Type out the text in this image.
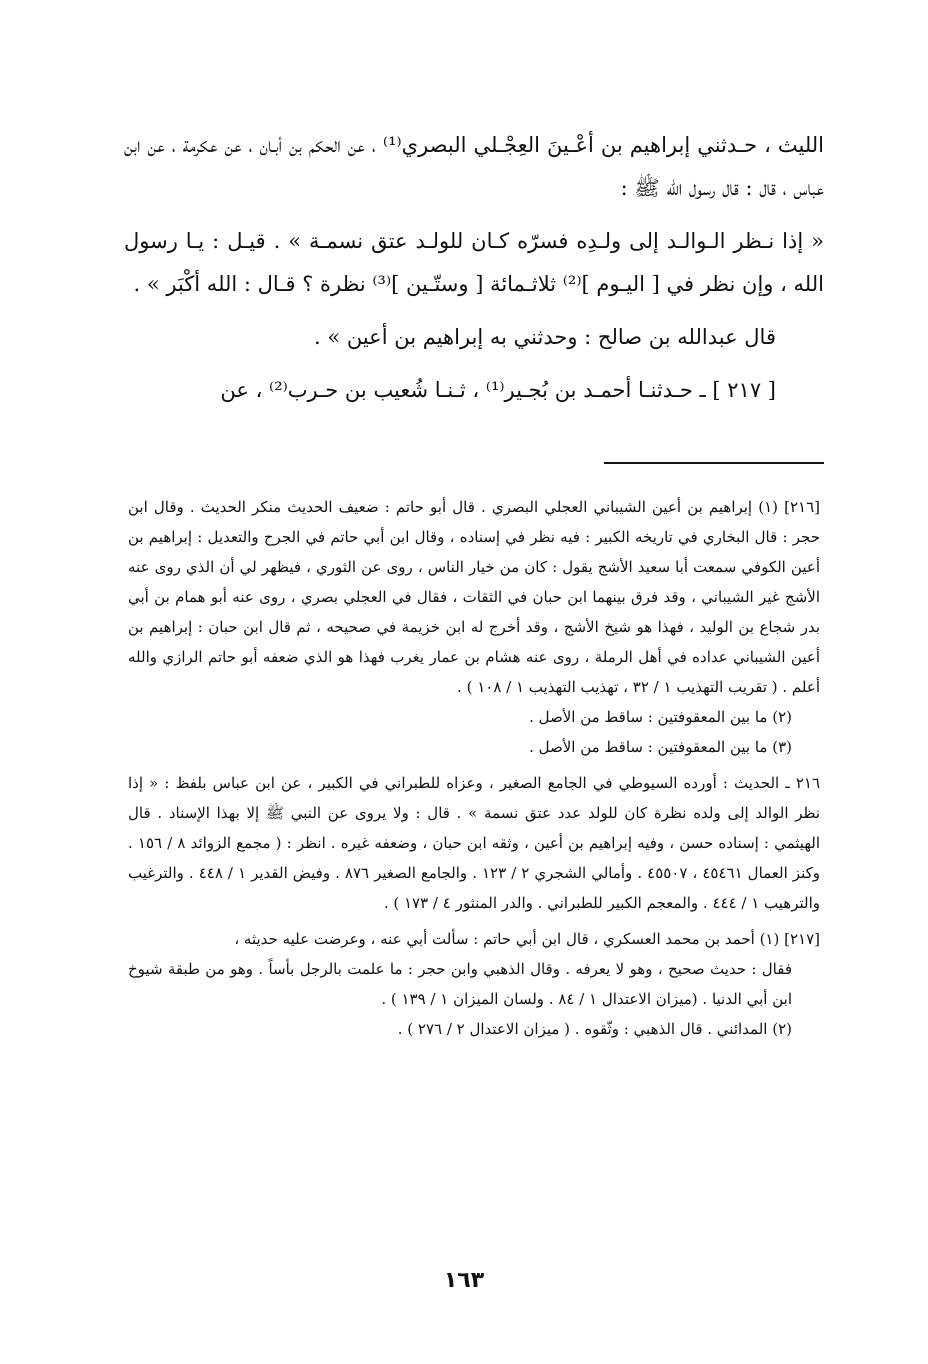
الليث ، حـدثني إبراهيم بن أعْـينَ العِجْـلي البصري⁽¹⁾ ، عن الحكم بن أبـان ، عن عكرمة ، عن ابن عباس ، قال : قال رسول الله ﷺ :

« إذا نـظر الـوالـد إلى ولـدِه فسرّه كـان للولـد عتق نسمـة » . قيـل : يـا رسول الله ، وإن نظر في [ اليـوم ]⁽²⁾ ثلاثـمائة [ وستّـين ]⁽³⁾ نظرة ؟ قـال : الله أكْبَر » .

قال عبدالله بن صالح : وحدثني به إبراهيم بن أعين » .

[ ٢١٧ ] ـ حـدثنـا أحمـد بن بُجـير⁽¹⁾ ، ثـنـا شُعيب بن حـرب⁽²⁾ ، عن

[٢١٦] (١) إبراهيم بن أعين الشيباني العجلي البصري . قال أبو حاتم : ضعيف الحديث منكر الحديث . وقال ابن حجر : قال البخاري في تاريخه الكبير : فيه نظر في إسناده ، وقال ابن أبي حاتم في الجرح والتعديل : إبراهيم بن أعين الكوفي سمعت أبا سعيد الأشج يقول : كان من خيار الناس ، روى عن الثوري ، فيظهر لي أن الذي روى عنه الأشج غير الشيباني ، وقد فرق بينهما ابن حبان في الثقات ، فقال في العجلي بصري ، روى عنه أبو همام بن أبي بدر شجاع بن الوليد ، فهذا هو شيخ الأشج ، وقد أخرج له ابن خزيمة في صحيحه ، ثم قال ابن حبان : إبراهيم بن أعين الشيباني عداده في أهل الرملة ، روى عنه هشام بن عمار يغرب فهذا هو الذي ضعفه أبو حاتم الرازي والله أعلم . ( تقريب التهذيب ١ / ٣٢ ، تهذيب التهذيب ١ / ١٠٨ ) .

(٢) ما بين المعقوفتين : ساقط من الأصل .

(٣) ما بين المعقوفتين : ساقط من الأصل .

٢١٦ ـ الحديث : أورده السيوطي في الجامع الصغير ، وعزاه للطبراني في الكبير ، عن ابن عباس بلفظ : « إذا نظر الوالد إلى ولده نظرة كان للولد عدد عتق نسمة » . قال : ولا يروى عن النبي ﷺ إلا بهذا الإسناد . قال الهيثمي : إسناده حسن ، وفيه إبراهيم بن أعين ، وثقه ابن حبان ، وضعفه غيره . انظر : ( مجمع الزوائد ٨ / ١٥٦ . وكنز العمال ٤٥٤٦١ ، ٤٥٥٠٧ . وأمالي الشجري ٢ / ١٢٣ . والجامع الصغير ٨٧٦ . وفيض القدير ١ / ٤٤٨ . والترغيب والترهيب ١ / ٤٤٤ . والمعجم الكبير للطبراني . والدر المنثور ٤ / ١٧٣ ) .

[٢١٧] (١) أحمد بن محمد العسكري ، قال ابن أبي حاتم : سألت أبي عنه ، وعرضت عليه حديثه ،

فقال : حديث صحيح ، وهو لا يعرفه . وقال الذهبي وابن حجر : ما علمت بالرجل بأساً . وهو من طبقة شيوخ ابن أبي الدنيا . (ميزان الاعتدال ١ / ٨٤ . ولسان الميزان ١ / ١٣٩ ) .

(٢) المدائني . قال الذهبي : وثّقوه . ( ميزان الاعتدال ٢ / ٢٧٦ ) .

١٦٣
